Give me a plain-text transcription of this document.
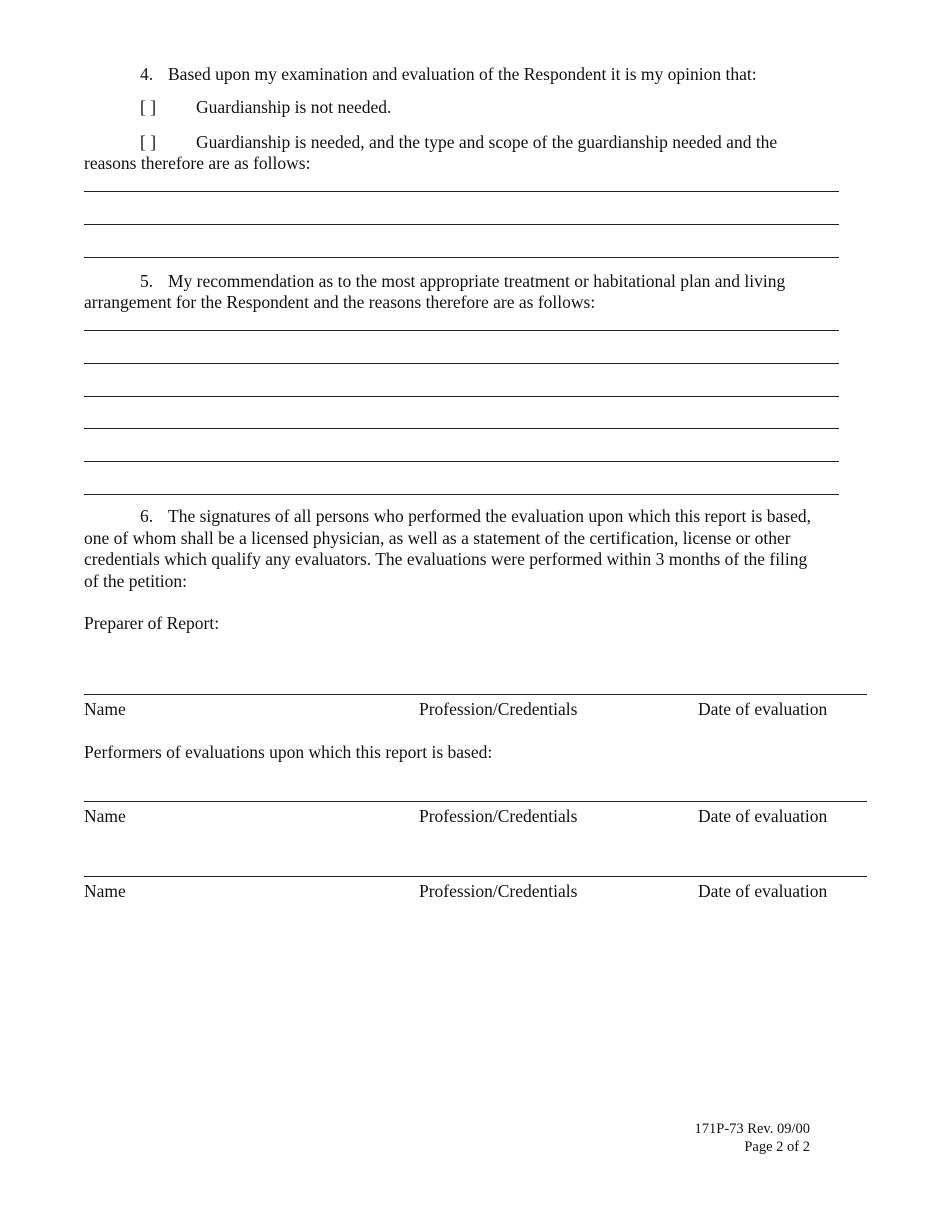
4. Based upon my examination and evaluation of the Respondent it is my opinion that:
[ ] Guardianship is not needed.
[ ] Guardianship is needed, and the type and scope of the guardianship needed and the
reasons therefore are as follows:
5. My recommendation as to the most appropriate treatment or habitational plan and living
arrangement for the Respondent and the reasons therefore are as follows:
6. The signatures of all persons who performed the evaluation upon which this report is based,
one of whom shall be a licensed physician, as well as a statement of the certification, license or other
credentials which qualify any evaluators. The evaluations were performed within 3 months of the filing
of the petition:
Preparer of Report:
Name	Profession/Credentials	Date of evaluation
Performers of evaluations upon which this report is based:
Name	Profession/Credentials	Date of evaluation
Name	Profession/Credentials	Date of evaluation
171P-73 Rev. 09/00
Page 2 of 2
